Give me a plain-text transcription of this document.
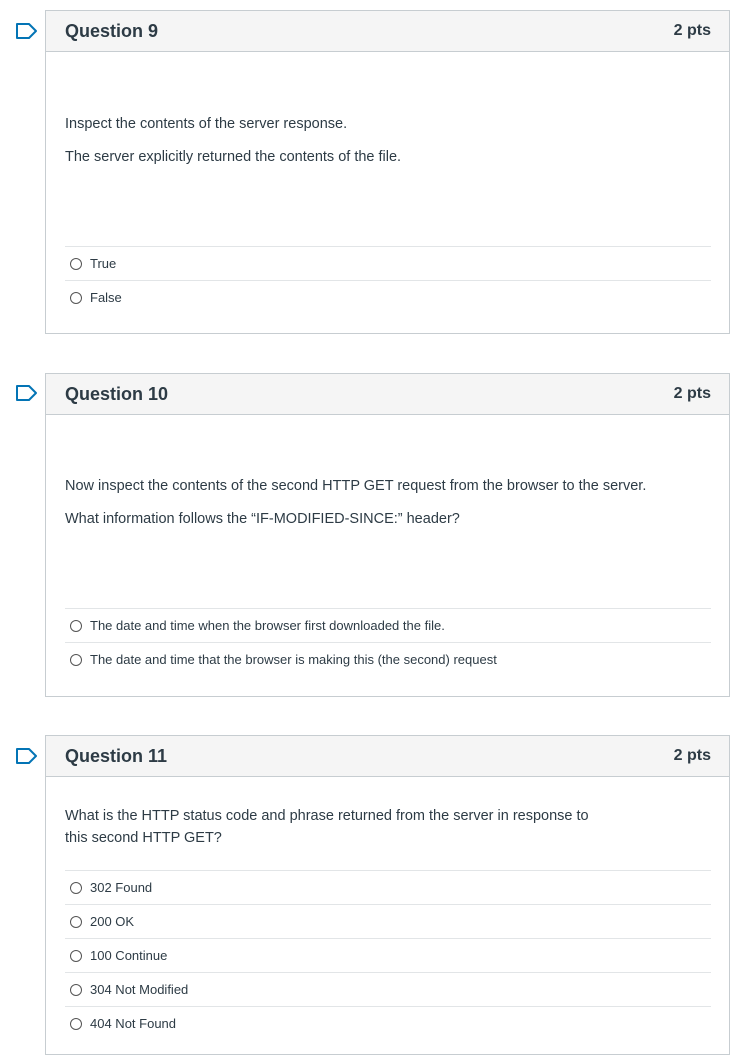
Question 9	2 pts

Inspect the contents of the server response.

The server explicitly returned the contents of the file.

True
False
Question 10	2 pts

Now inspect the contents of the second HTTP GET request from the browser to the server.

What information follows the “IF-MODIFIED-SINCE:” header?

The date and time when the browser first downloaded the file.
The date and time that the browser is making this (the second) request
Question 11	2 pts

What is the HTTP status code and phrase returned from the server in response to this second HTTP GET?

302 Found
200 OK
100 Continue
304 Not Modified
404 Not Found
